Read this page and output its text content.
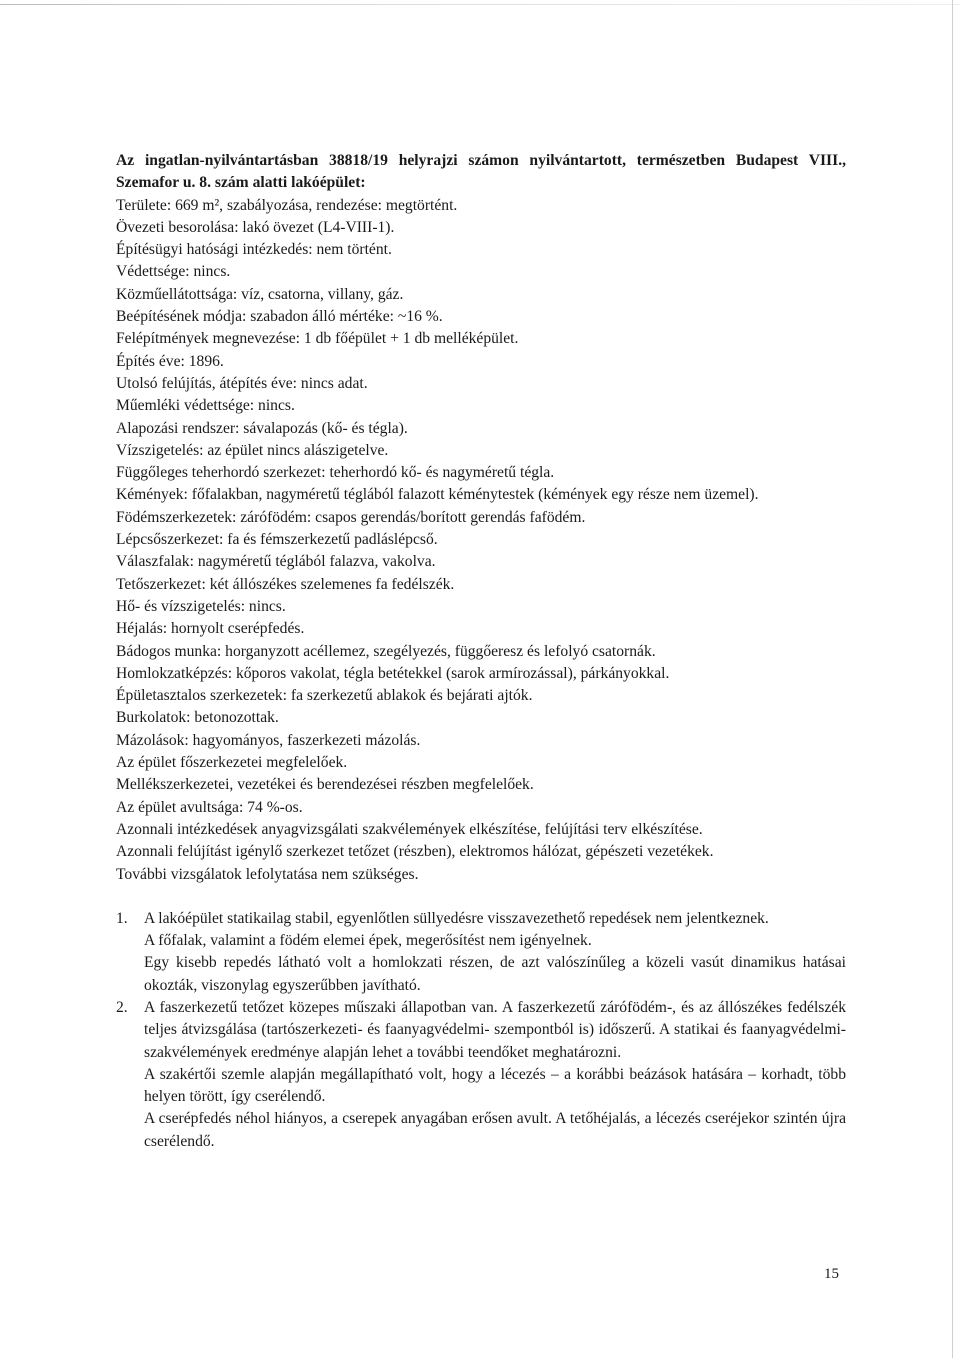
Az ingatlan-nyilvántartásban 38818/19 helyrajzi számon nyilvántartott, természetben Budapest VIII., Szemafor u. 8. szám alatti lakóépület:

Területe: 669 m², szabályozása, rendezése: megtörtént.

Övezeti besorolása: lakó övezet (L4-VIII-1).

Építésügyi hatósági intézkedés: nem történt.

Védettsége: nincs.

Közműellátottsága: víz, csatorna, villany, gáz.

Beépítésének módja: szabadon álló mértéke: ~16 %.

Felépítmények megnevezése: 1 db főépület + 1 db melléképület.

Építés éve: 1896.

Utolsó felújítás, átépítés éve: nincs adat.

Műemléki védettsége: nincs.

Alapozási rendszer: sávalapozás (kő- és tégla).

Vízszigetelés: az épület nincs alászigetelve.

Függőleges teherhordó szerkezet: teherhordó kő- és nagyméretű tégla.

Kémények: főfalakban, nagyméretű téglából falazott kéménytestek (kémények egy része nem üzemel).

Födémszerkezetek: zárófödém: csapos gerendás/borított gerendás fafödém.

Lépcsőszerkezet: fa és fémszerkezetű padláslépcső.

Válaszfalak: nagyméretű téglából falazva, vakolva.

Tetőszerkezet: két állószékes szelemenes fa fedélszék.

Hő- és vízszigetelés: nincs.

Héjalás: hornyolt cserépfedés.

Bádogos munka: horganyzott acéllemez, szegélyezés, függőeresz és lefolyó csatornák.

Homlokzatképzés: kőporos vakolat, tégla betétekkel (sarok armírozással), párkányokkal.

Épületasztalos szerkezetek: fa szerkezetű ablakok és bejárati ajtók.

Burkolatok: betonozottak.

Mázolások: hagyományos, faszerkezeti mázolás.

Az épület főszerkezetei megfelelőek.

Mellékszerkezetei, vezetékei és berendezései részben megfelelőek.

Az épület avultsága: 74 %-os.

Azonnali intézkedések anyagvizsgálati szakvélemények elkészítése, felújítási terv elkészítése.

Azonnali felújítást igénylő szerkezet tetőzet (részben), elektromos hálózat, gépészeti vezetékek.

További vizsgálatok lefolytatása nem szükséges.

1. A lakóépület statikailag stabil, egyenlőtlen süllyedésre visszavezethető repedések nem jelentkeznek.

A főfalak, valamint a födém elemei épek, megerősítést nem igényelnek.

Egy kisebb repedés látható volt a homlokzati részen, de azt valószínűleg a közeli vasút dinamikus hatásai okozták, viszonylag egyszerűbben javítható.

2. A faszerkezetű tetőzet közepes műszaki állapotban van. A faszerkezetű zárófödém-, és az állószékes fedélszék teljes átvizsgálása (tartószerkezeti- és faanyagvédelmi- szempontból is) időszerű. A statikai és faanyagvédelmi- szakvélemények eredménye alapján lehet a további teendőket meghatározni.

A szakértői szemle alapján megállapítható volt, hogy a lécezés – a korábbi beázások hatására – korhadt, több helyen törött, így cserélendő.

A cserépfedés néhol hiányos, a cserepek anyagában erősen avult. A tetőhéjalás, a lécezés cseréjekor szintén újra cserélendő.

15
